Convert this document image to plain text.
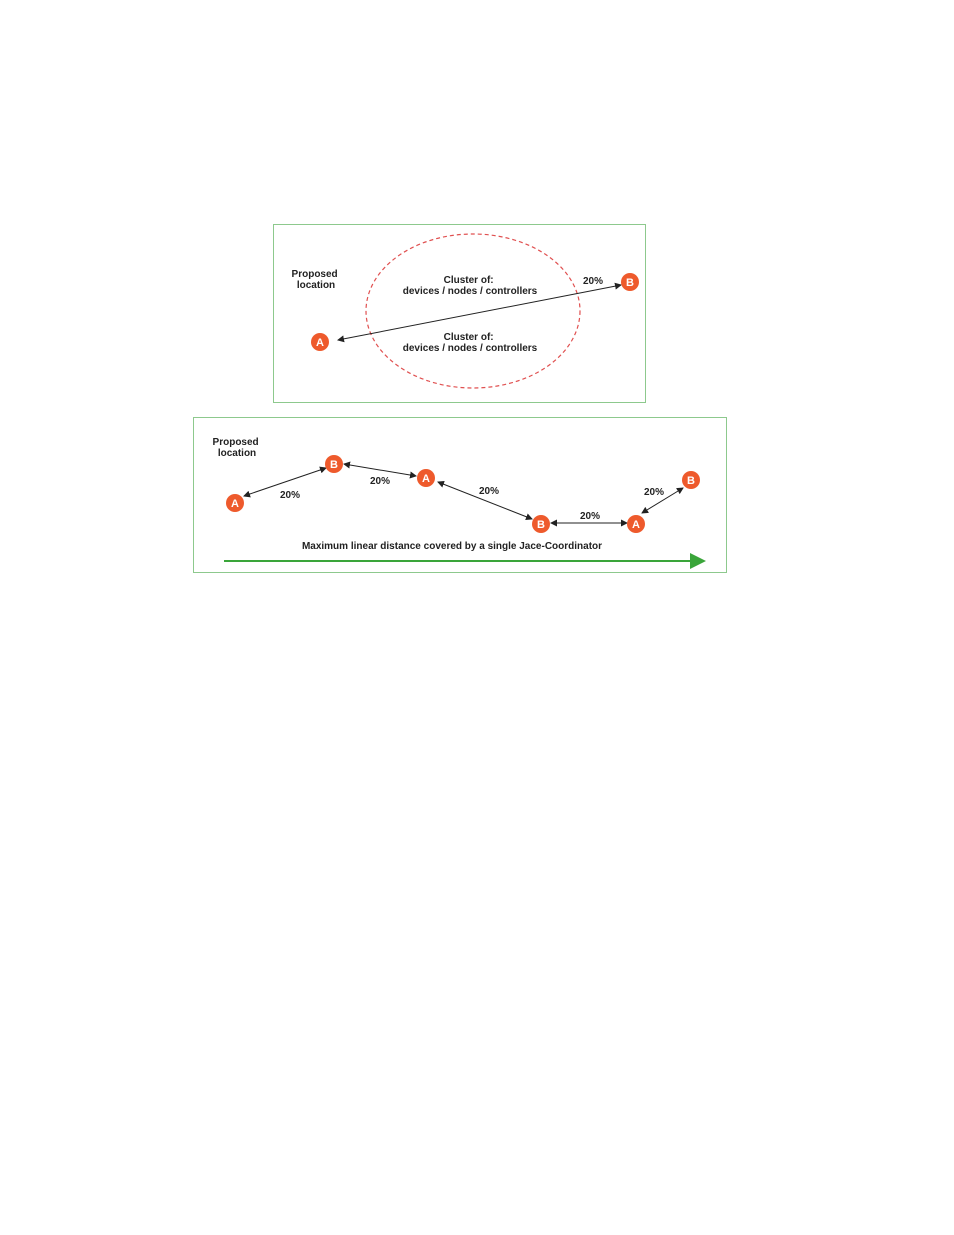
Proposed location	Cluster of: devices / nodes / controllers
Cluster of: devices / nodes / controllers
20%
A
B
Proposed location
20%
20%
20%
20%
20%
A
B
A
B	A
B
Maximum linear distance covered by a single Jace-Coordinator
